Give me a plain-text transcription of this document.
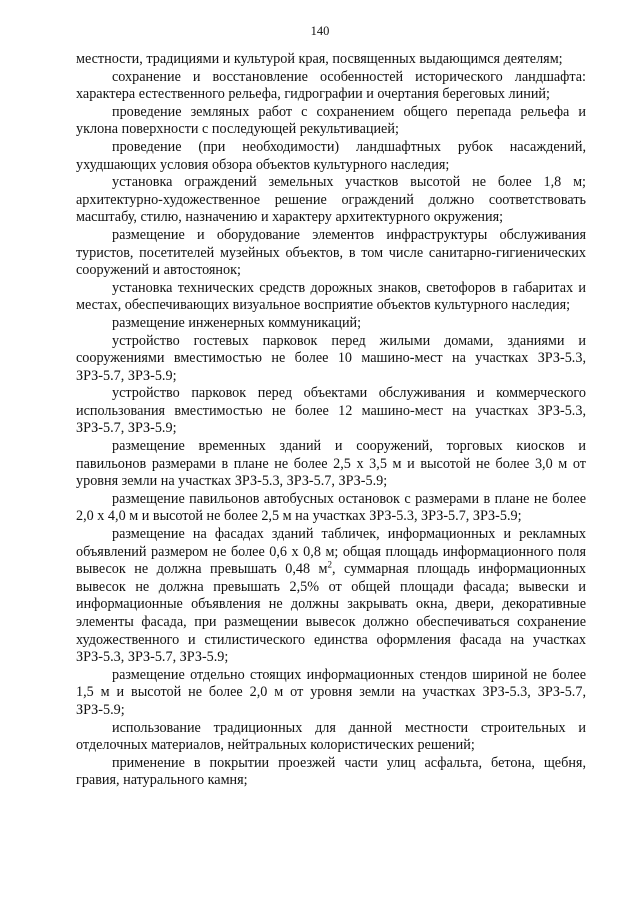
140

местности, традициями и культурой края, посвященных выдающимся деятелям;

сохранение и восстановление особенностей исторического ландшафта: характера естественного рельефа, гидрографии и очертания береговых линий;

проведение земляных работ с сохранением общего перепада рельефа и уклона поверхности с последующей рекультивацией;

проведение (при необходимости) ландшафтных рубок насаждений, ухудшающих условия обзора объектов культурного наследия;

установка ограждений земельных участков высотой не более 1,8 м; архитектурно-художественное решение ограждений должно соответствовать масштабу, стилю, назначению и характеру архитектурного окружения;

размещение и оборудование элементов инфраструктуры обслуживания туристов, посетителей музейных объектов, в том числе санитарно-гигиенических сооружений и автостоянок;

установка технических средств дорожных знаков, светофоров в габаритах и местах, обеспечивающих визуальное восприятие объектов культурного наследия;

размещение инженерных коммуникаций;

устройство гостевых парковок перед жилыми домами, зданиями и сооружениями вместимостью не более 10 машино-мест на участках ЗРЗ-5.3, ЗРЗ-5.7, ЗРЗ-5.9;

устройство парковок перед объектами обслуживания и коммерческого использования вместимостью не более 12 машино-мест на участках ЗРЗ-5.3, ЗРЗ-5.7, ЗРЗ-5.9;

размещение временных зданий и сооружений, торговых киосков и павильонов размерами в плане не более 2,5 х 3,5 м и высотой не более 3,0 м от уровня земли на участках ЗРЗ-5.3, ЗРЗ-5.7, ЗРЗ-5.9;

размещение павильонов автобусных остановок с размерами в плане не более 2,0 х 4,0 м и высотой не более 2,5 м на участках ЗРЗ-5.3, ЗРЗ-5.7, ЗРЗ-5.9;

размещение на фасадах зданий табличек, информационных и рекламных объявлений размером не более 0,6 х 0,8 м; общая площадь информационного поля вывесок не должна превышать 0,48 $м^2$, суммарная площадь информационных вывесок не должна превышать 2,5% от общей площади фасада; вывески и информационные объявления не должны закрывать окна, двери, декоративные элементы фасада, при размещении вывесок должно обеспечиваться сохранение художественного и стилистического единства оформления фасада на участках ЗРЗ-5.3, ЗРЗ-5.7, ЗРЗ-5.9;

размещение отдельно стоящих информационных стендов шириной не более 1,5 м и высотой не более 2,0 м от уровня земли на участках ЗРЗ-5.3, ЗРЗ-5.7, ЗРЗ-5.9;

использование традиционных для данной местности строительных и отделочных материалов, нейтральных колористических решений;

применение в покрытии проезжей части улиц асфальта, бетона, щебня, гравия, натурального камня;
